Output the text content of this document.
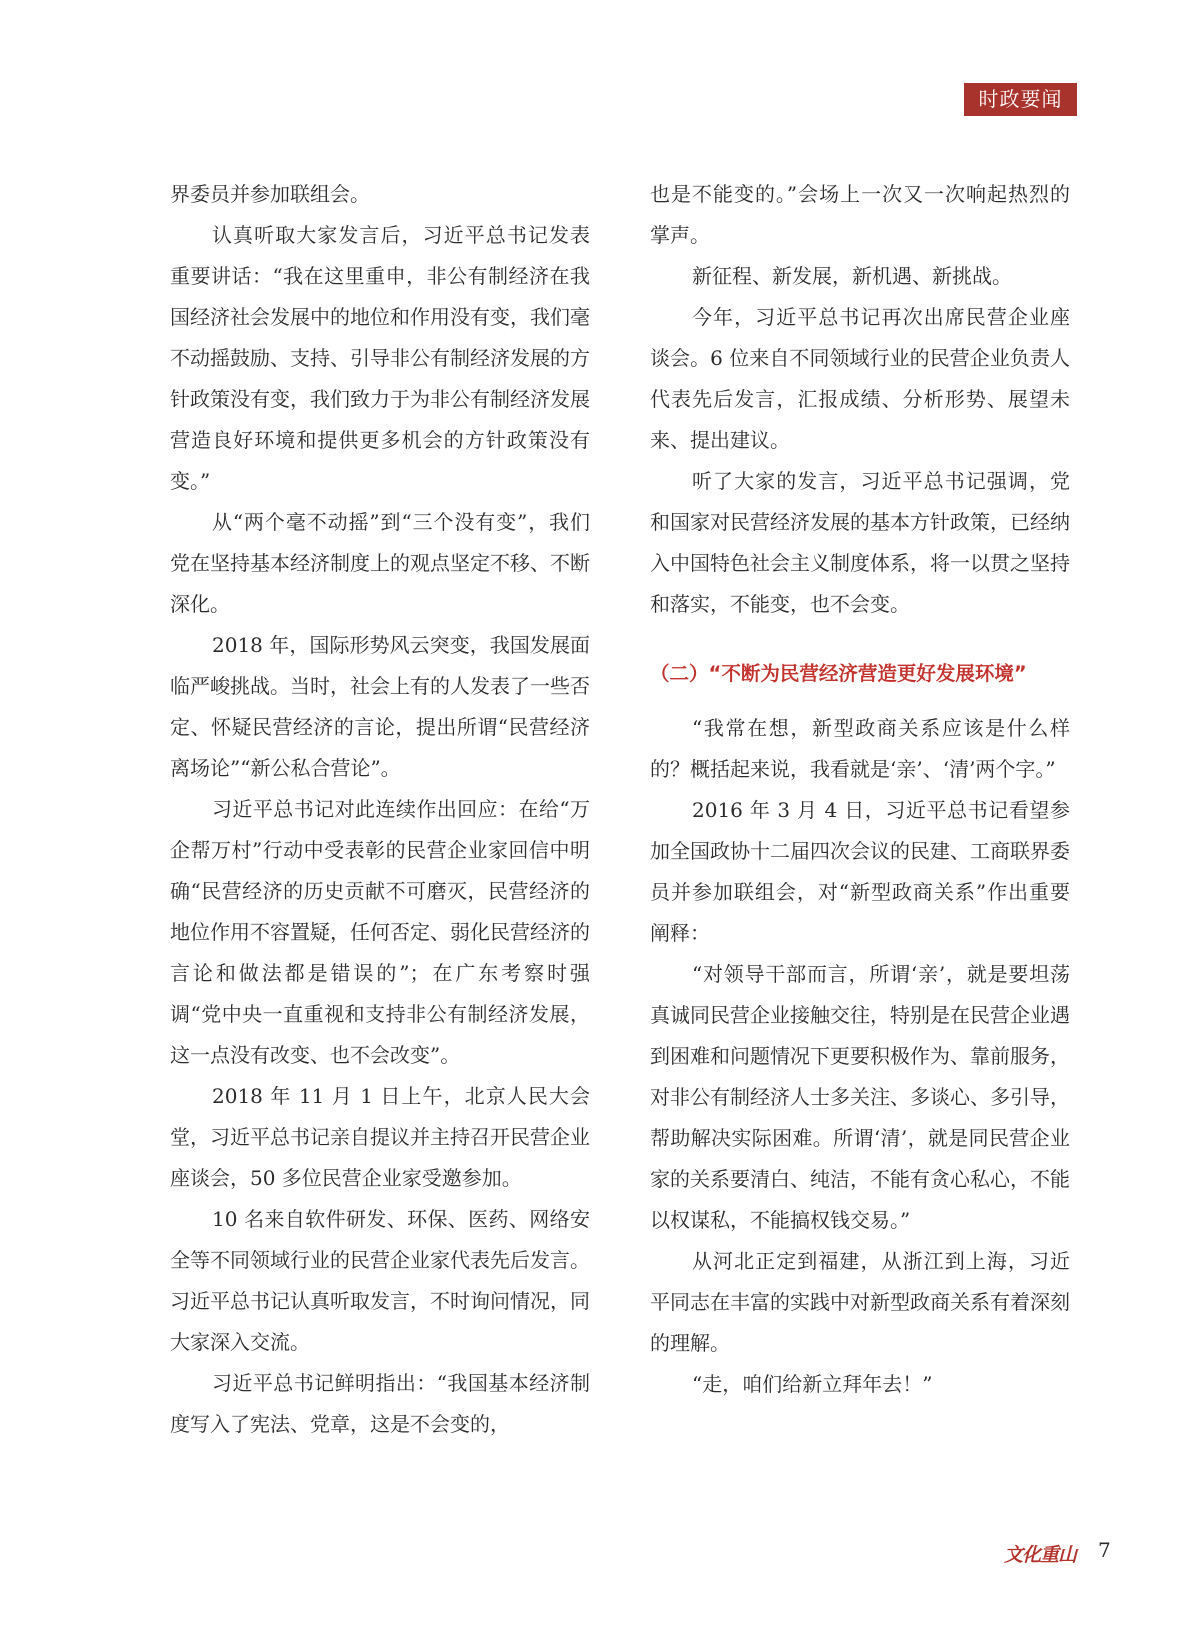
时政要闻

界委员并参加联组会。

认真听取大家发言后，习近平总书记发表重要讲话：“我在这里重申，非公有制经济在我国经济社会发展中的地位和作用没有变，我们毫不动摇鼓励、支持、引导非公有制经济发展的方针政策没有变，我们致力于为非公有制经济发展营造良好环境和提供更多机会的方针政策没有变。”

从“两个毫不动摇”到“三个没有变”，我们党在坚持基本经济制度上的观点坚定不移、不断深化。

2018 年，国际形势风云突变，我国发展面临严峻挑战。当时，社会上有的人发表了一些否定、怀疑民营经济的言论，提出所谓“民营经济离场论”“新公私合营论”。

习近平总书记对此连续作出回应：在给“万企帮万村”行动中受表彰的民营企业家回信中明确“民营经济的历史贡献不可磨灭，民营经济的地位作用不容置疑，任何否定、弱化民营经济的言论和做法都是错误的”；在广东考察时强调“党中央一直重视和支持非公有制经济发展，这一点没有改变、也不会改变”。

2018 年 11 月 1 日上午，北京人民大会堂，习近平总书记亲自提议并主持召开民营企业座谈会，50 多位民营企业家受邀参加。

10 名来自软件研发、环保、医药、网络安全等不同领域行业的民营企业家代表先后发言。习近平总书记认真听取发言，不时询问情况，同大家深入交流。

习近平总书记鲜明指出：“我国基本经济制度写入了宪法、党章，这是不会变的，

也是不能变的。”会场上一次又一次响起热烈的掌声。

新征程、新发展，新机遇、新挑战。

今年，习近平总书记再次出席民营企业座谈会。6 位来自不同领域行业的民营企业负责人代表先后发言，汇报成绩、分析形势、展望未来、提出建议。

听了大家的发言，习近平总书记强调，党和国家对民营经济发展的基本方针政策，已经纳入中国特色社会主义制度体系，将一以贯之坚持和落实，不能变，也不会变。

（二）“不断为民营经济营造更好发展环境”

“我常在想，新型政商关系应该是什么样的？概括起来说，我看就是‘亲’、‘清’两个字。”

2016 年 3 月 4 日，习近平总书记看望参加全国政协十二届四次会议的民建、工商联界委员并参加联组会，对“新型政商关系”作出重要阐释：

“对领导干部而言，所谓‘亲’，就是要坦荡真诚同民营企业接触交往，特别是在民营企业遇到困难和问题情况下更要积极作为、靠前服务，对非公有制经济人士多关注、多谈心、多引导，帮助解决实际困难。所谓‘清’，就是同民营企业家的关系要清白、纯洁，不能有贪心私心，不能以权谋私，不能搞权钱交易。”

从河北正定到福建，从浙江到上海，习近平同志在丰富的实践中对新型政商关系有着深刻的理解。

“走，咱们给新立拜年去！”

文化重山 7
